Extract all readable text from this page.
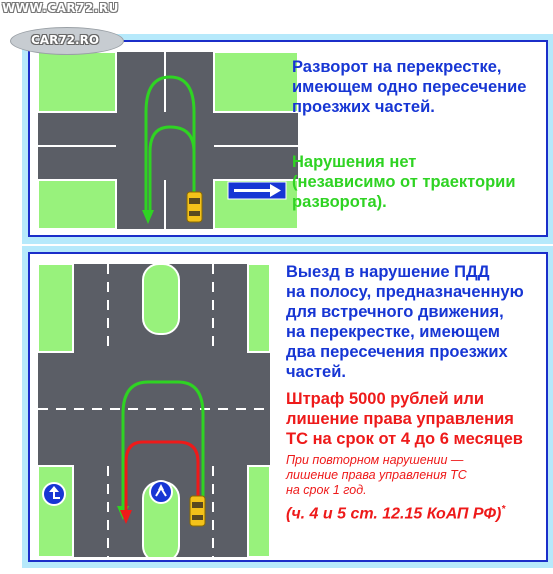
WWW.CAR72.RU

Разворот на перекрестке,

имеющем одно пересечение

проезжих частей.

Нарушения нет

(независимо от траектории

разворота).

CAR72.RO

Выезд в нарушение ПДД

на полосу, предназначенную

для встречного движения,

на перекрестке, имеющем

два пересечения проезжих

частей.

Штраф 5000 рублей или

лишение права управления

ТС на срок от 4 до 6 месяцев

При повторном нарушении —

лишение права управления ТС

на срок 1 год.

(ч. 4 и 5 ст. 12.15 КоАП РФ)*
